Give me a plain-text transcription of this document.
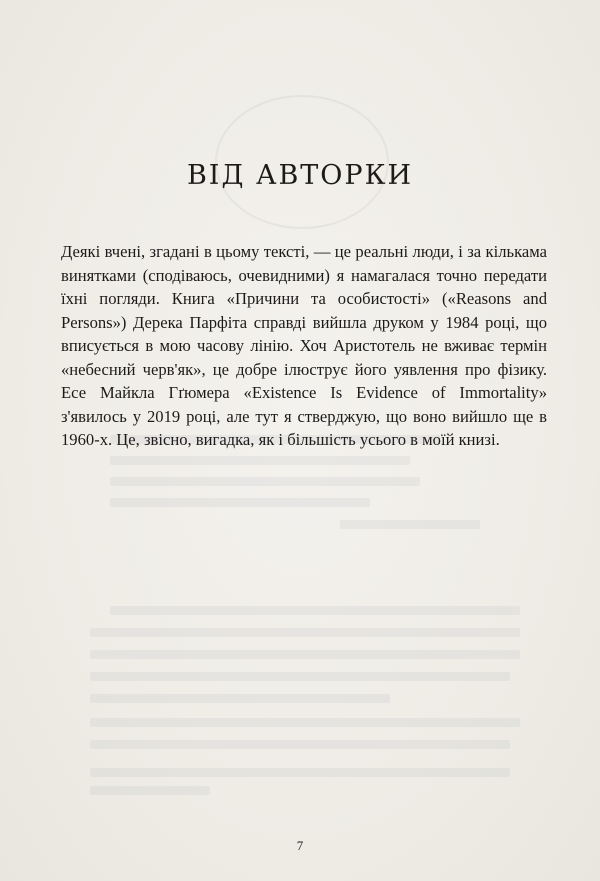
ВІД АВТОРКИ

Деякі вчені, згадані в цьому тексті, — це реальні люди, і за кількама винятками (сподіваюсь, очевидними) я намагалася точно передати їхні погляди. Книга «Причини та особистості» («Reasons and Persons») Дерека Парфіта справді вийшла друком у 1984 році, що вписується в мою часову лінію. Хоч Аристотель не вживає термін «небесний черв'як», це добре ілюструє його уявлення про фізику. Есе Майкла Гґюмера «Existence Is Evidence of Immortality» з'явилось у 2019 році, але тут я стверджую, що воно вийшло ще в 1960-х. Це, звісно, вигадка, як і більшість усього в моїй книзі.

7
